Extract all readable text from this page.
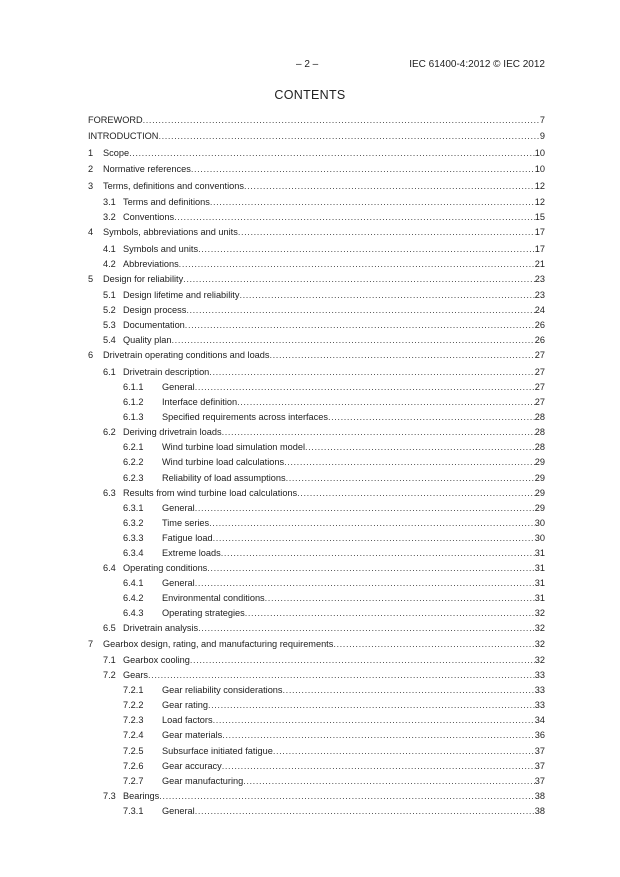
– 2 –	IEC 61400-4:2012 © IEC 2012
CONTENTS
FOREWORD .....	7
INTRODUCTION .....	9
1	Scope .....	10
2	Normative references .....	10
3	Terms, definitions and conventions .....	12
3.1 Terms and definitions .....	12
3.2 Conventions .....	15
4	Symbols, abbreviations and units .....	17
4.1 Symbols and units .....	17
4.2 Abbreviations .....	21
5	Design for reliability .....	23
5.1 Design lifetime and reliability .....	23
5.2 Design process .....	24
5.3 Documentation .....	26
5.4 Quality plan .....	26
6	Drivetrain operating conditions and loads .....	27
6.1 Drivetrain description .....	27
6.1.1	General .....	27
6.1.2	Interface definition .....	27
6.1.3	Specified requirements across interfaces .....	28
6.2 Deriving drivetrain loads .....	28
6.2.1	Wind turbine load simulation model .....	28
6.2.2	Wind turbine load calculations .....	29
6.2.3	Reliability of load assumptions .....	29
6.3 Results from wind turbine load calculations .....	29
6.3.1	General .....	29
6.3.2	Time series .....	30
6.3.3	Fatigue load .....	30
6.3.4	Extreme loads .....	31
6.4 Operating conditions .....	31
6.4.1	General .....	31
6.4.2	Environmental conditions .....	31
6.4.3	Operating strategies .....	32
6.5 Drivetrain analysis .....	32
7	Gearbox design, rating, and manufacturing requirements .....	32
7.1 Gearbox cooling .....	32
7.2 Gears .....	33
7.2.1	Gear reliability considerations .....	33
7.2.2	Gear rating .....	33
7.2.3	Load factors .....	34
7.2.4	Gear materials .....	36
7.2.5	Subsurface initiated fatigue .....	37
7.2.6	Gear accuracy .....	37
7.2.7	Gear manufacturing .....	37
7.3 Bearings .....	38
7.3.1	General .....	38
